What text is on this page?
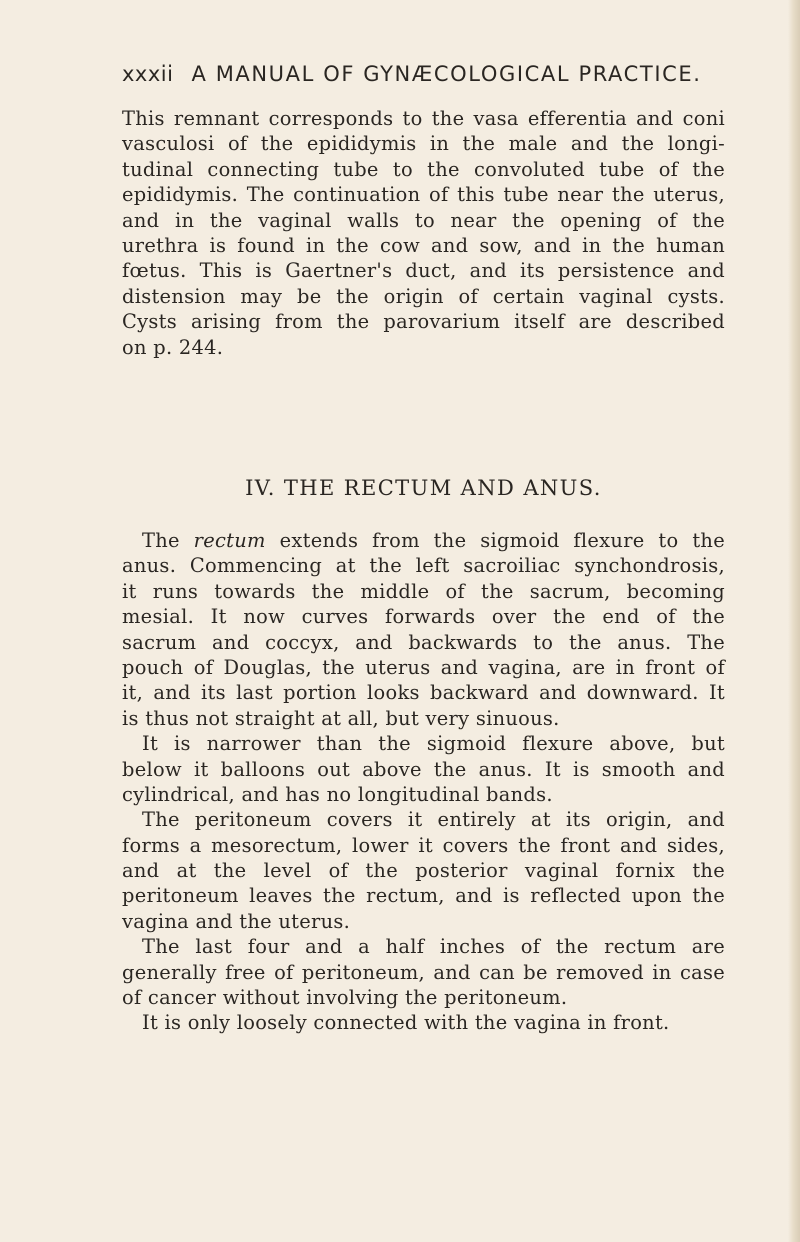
xxxii A MANUAL OF GYNÆCOLOGICAL PRACTICE.
This remnant corresponds to the vasa efferentia and coni
vasculosi of the epididymis in the male and the longi-
tudinal connecting tube to the convoluted tube of the
epididymis. The continuation of this tube near the uterus,
and in the vaginal walls to near the opening of the
urethra is found in the cow and sow, and in the human
fœtus. This is Gaertner's duct, and its persistence and
distension may be the origin of certain vaginal cysts.
Cysts arising from the parovarium itself are described
on p. 244.
IV. THE RECTUM AND ANUS.
The rectum extends from the sigmoid flexure to the
anus. Commencing at the left sacroiliac synchondrosis,
it runs towards the middle of the sacrum, becoming
mesial. It now curves forwards over the end of the
sacrum and coccyx, and backwards to the anus. The
pouch of Douglas, the uterus and vagina, are in front of
it, and its last portion looks backward and downward. It
is thus not straight at all, but very sinuous.
It is narrower than the sigmoid flexure above, but
below it balloons out above the anus. It is smooth and
cylindrical, and has no longitudinal bands.
The peritoneum covers it entirely at its origin, and
forms a mesorectum, lower it covers the front and sides,
and at the level of the posterior vaginal fornix the
peritoneum leaves the rectum, and is reflected upon the
vagina and the uterus.
The last four and a half inches of the rectum are
generally free of peritoneum, and can be removed in case
of cancer without involving the peritoneum.
It is only loosely connected with the vagina in front.
